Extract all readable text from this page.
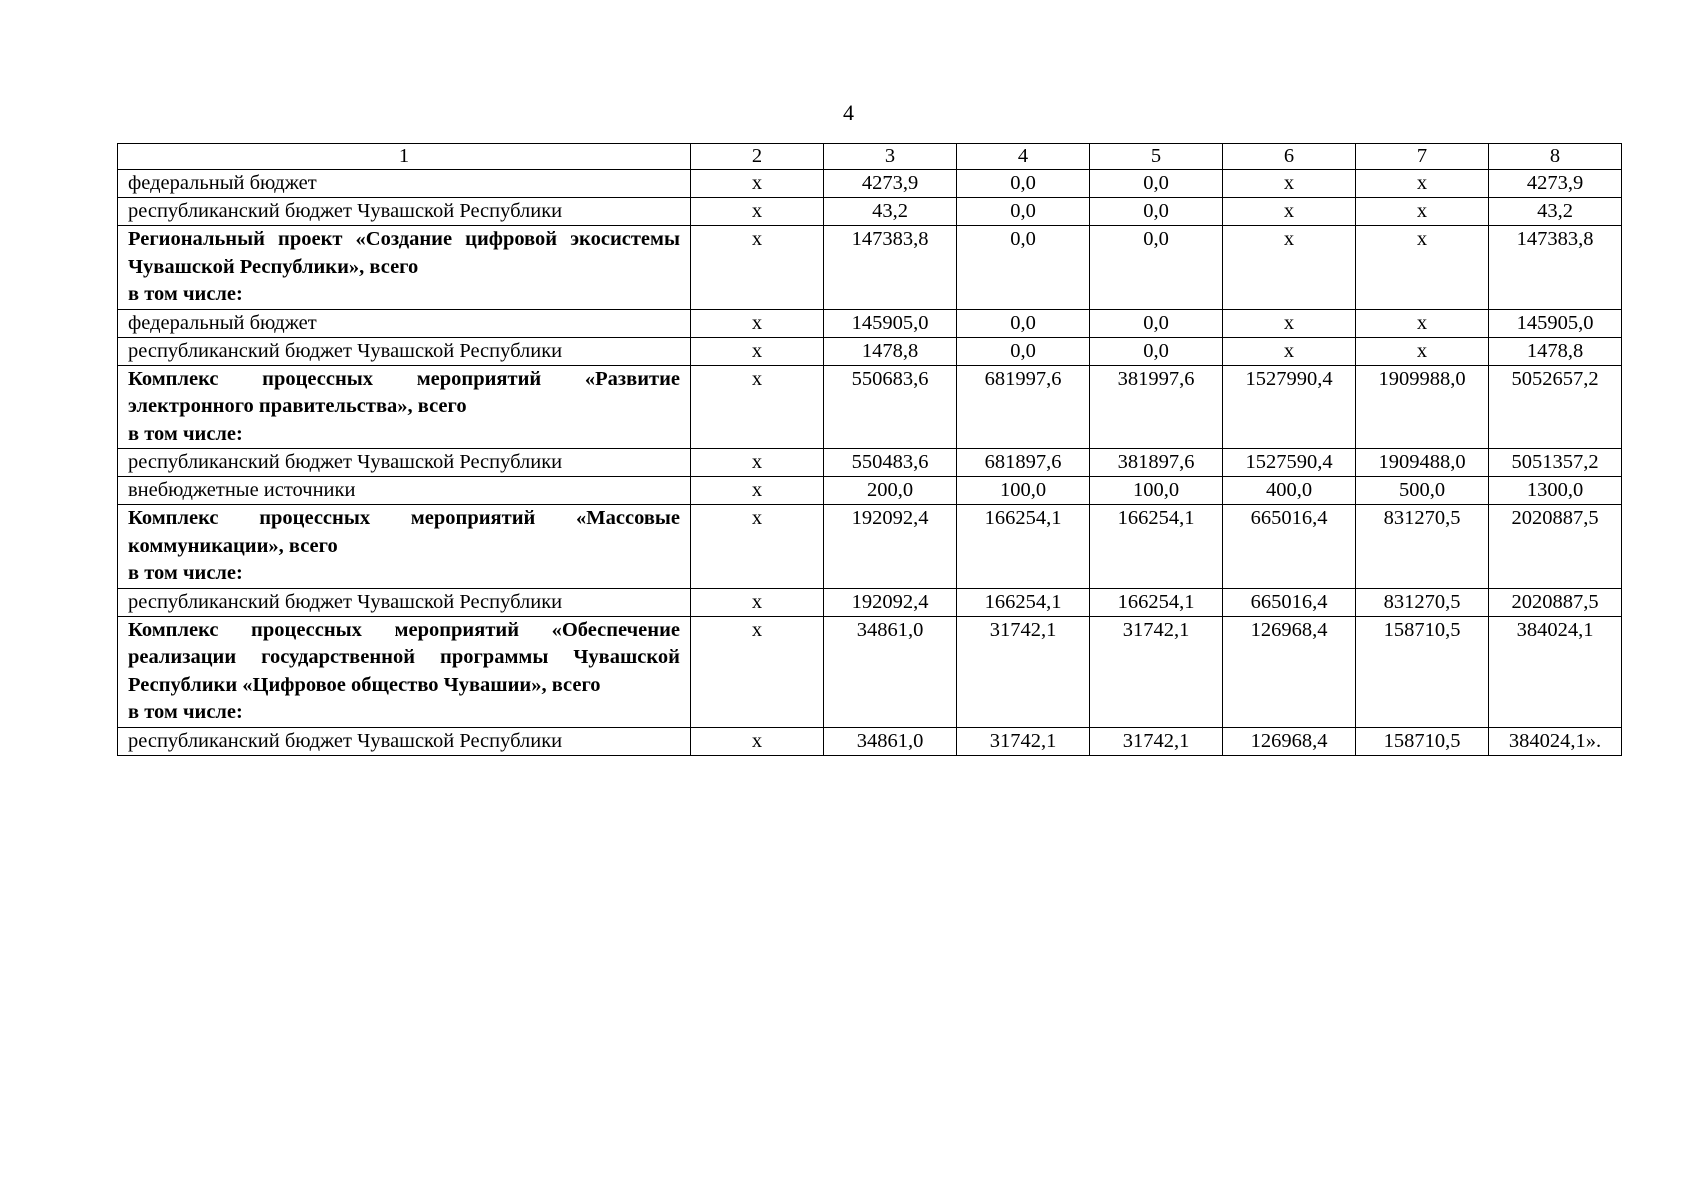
4
1	2	3	4	5	6	7	8
федеральный бюджет	х	4273,9	0,0	0,0	х	х	4273,9
республиканский бюджет Чувашской Республики	х	43,2	0,0	0,0	х	х	43,2
Региональный проект «Создание цифровой экосистемы Чувашской Республики», всего
в том числе:	х	147383,8	0,0	0,0	х	х	147383,8
федеральный бюджет	х	145905,0	0,0	0,0	х	х	145905,0
республиканский бюджет Чувашской Республики	х	1478,8	0,0	0,0	х	х	1478,8
Комплекс процессных мероприятий «Развитие электронного правительства», всего
в том числе:	х	550683,6	681997,6	381997,6	1527990,4	1909988,0	5052657,2
республиканский бюджет Чувашской Республики	х	550483,6	681897,6	381897,6	1527590,4	1909488,0	5051357,2
внебюджетные источники	х	200,0	100,0	100,0	400,0	500,0	1300,0
Комплекс процессных мероприятий «Массовые коммуникации», всего
в том числе:	х	192092,4	166254,1	166254,1	665016,4	831270,5	2020887,5
республиканский бюджет Чувашской Республики	х	192092,4	166254,1	166254,1	665016,4	831270,5	2020887,5
Комплекс процессных мероприятий «Обеспечение реализации государственной программы Чувашской Республики «Цифровое общество Чувашии», всего
в том числе:	х	34861,0	31742,1	31742,1	126968,4	158710,5	384024,1
республиканский бюджет Чувашской Республики	х	34861,0	31742,1	31742,1	126968,4	158710,5	384024,1».
